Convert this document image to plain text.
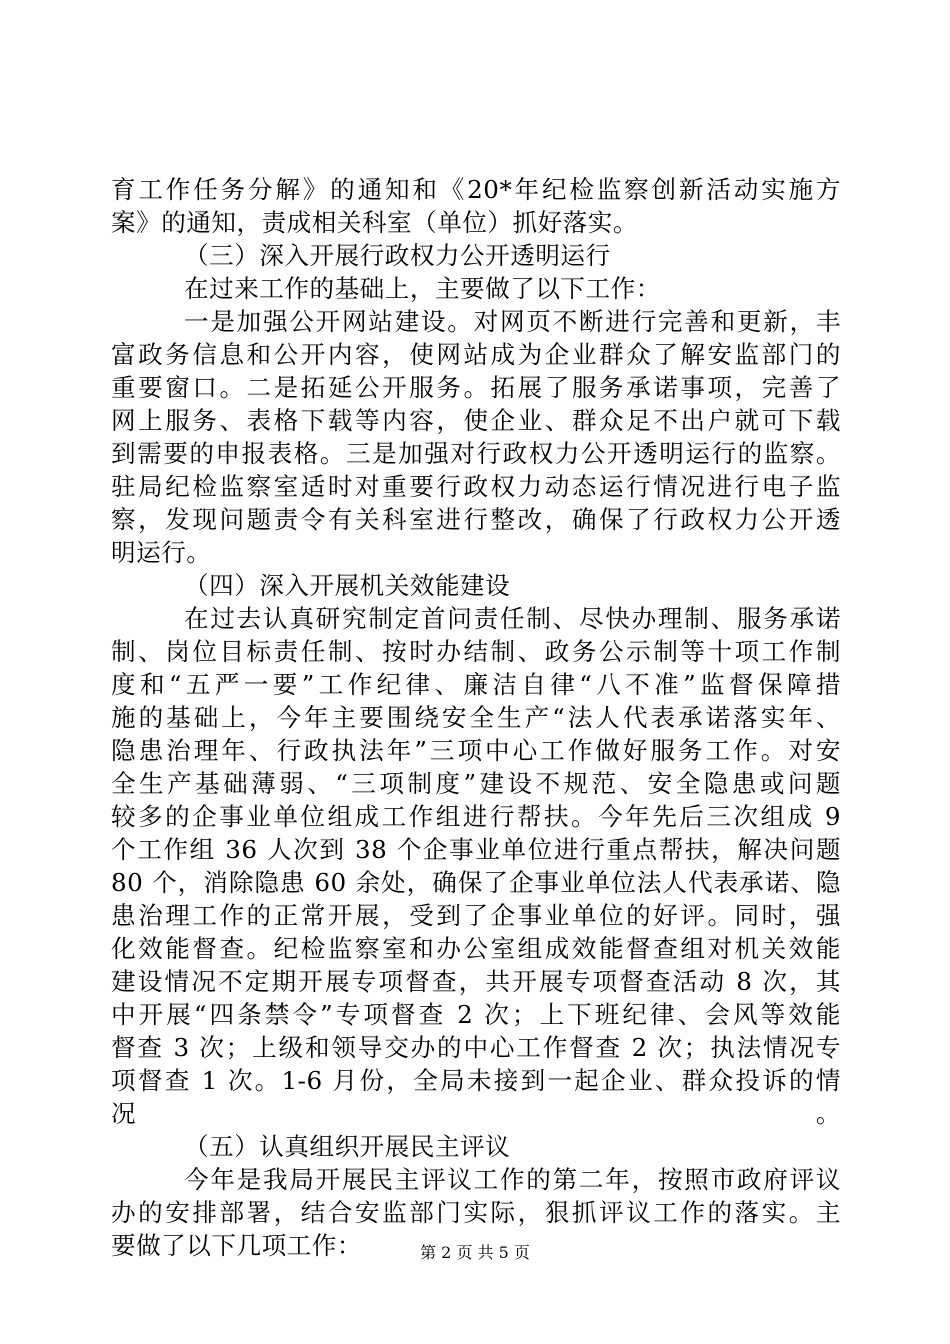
育工作任务分解》的通知和《20*年纪检监察创新活动实施方
案》的通知，责成相关科室（单位）抓好落实。
（三）深入开展行政权力公开透明运行
在过来工作的基础上，主要做了以下工作：
一是加强公开网站建设。对网页不断进行完善和更新，丰
富政务信息和公开内容，使网站成为企业群众了解安监部门的
重要窗口。二是拓延公开服务。拓展了服务承诺事项，完善了
网上服务、表格下载等内容，使企业、群众足不出户就可下载
到需要的申报表格。三是加强对行政权力公开透明运行的监察。
驻局纪检监察室适时对重要行政权力动态运行情况进行电子监
察，发现问题责令有关科室进行整改，确保了行政权力公开透
明运行。
（四）深入开展机关效能建设
在过去认真研究制定首问责任制、尽快办理制、服务承诺
制、岗位目标责任制、按时办结制、政务公示制等十项工作制
度和“五严一要”工作纪律、廉洁自律“八不准”监督保障措
施的基础上，今年主要围绕安全生产“法人代表承诺落实年、
隐患治理年、行政执法年”三项中心工作做好服务工作。对安
全生产基础薄弱、“三项制度”建设不规范、安全隐患或问题
较多的企事业单位组成工作组进行帮扶。今年先后三次组成 9
个工作组 36 人次到 38 个企事业单位进行重点帮扶，解决问题
80 个，消除隐患 60 余处，确保了企事业单位法人代表承诺、隐
患治理工作的正常开展，受到了企事业单位的好评。同时，强
化效能督查。纪检监察室和办公室组成效能督查组对机关效能
建设情况不定期开展专项督查，共开展专项督查活动 8 次，其
中开展“四条禁令”专项督查 2 次；上下班纪律、会风等效能
督查 3 次；上级和领导交办的中心工作督查 2 次；执法情况专
项督查 1 次。1-6 月份，全局未接到一起企业、群众投诉的情况。
（五）认真组织开展民主评议
今年是我局开展民主评议工作的第二年，按照市政府评议
办的安排部署，结合安监部门实际，狠抓评议工作的落实。主
要做了以下几项工作：	第 2 页 共 5 页
